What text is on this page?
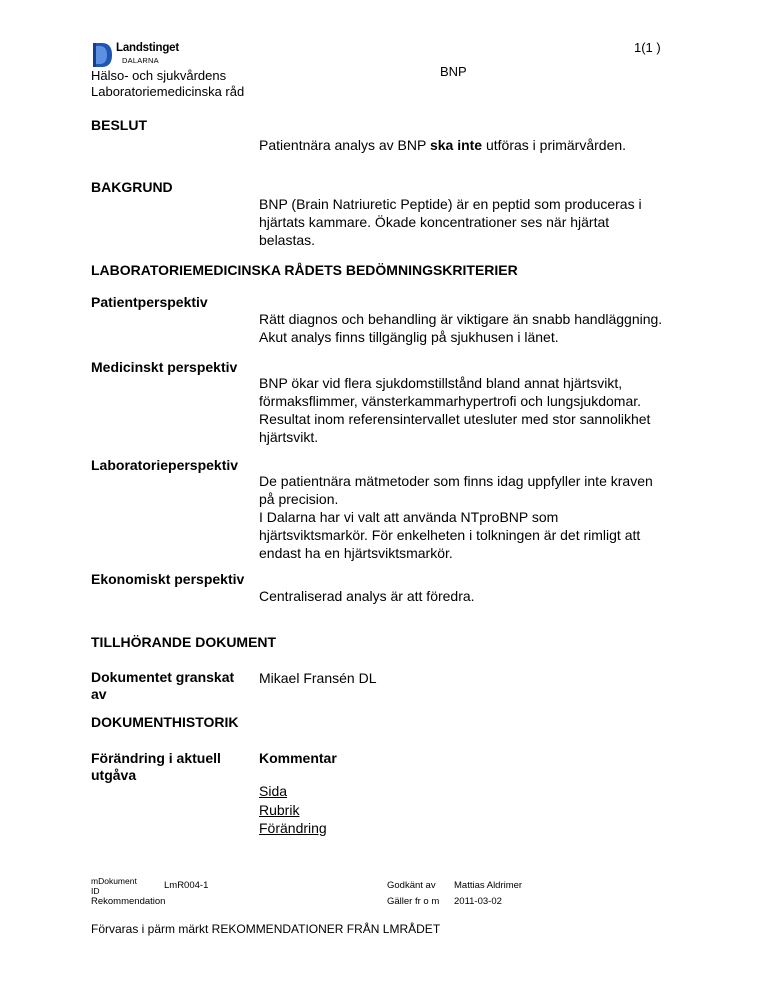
Landstinget
DALARNA
Hälso- och sjukvårdens
Laboratoriemedicinska råd
BNP
1(1 )
BESLUT
Patientnära analys av BNP ska inte utföras i primärvården.
BAKGRUND
BNP (Brain Natriuretic Peptide) är en peptid som produceras i
hjärtats kammare. Ökade koncentrationer ses när hjärtat
belastas.
LABORATORIEMEDICINSKA RÅDETS BEDÖMNINGSKRITERIER
Patientperspektiv
Rätt diagnos och behandling är viktigare än snabb handläggning.
Akut analys finns tillgänglig på sjukhusen i länet.
Medicinskt perspektiv
BNP ökar vid flera sjukdomstillstånd bland annat hjärtsvikt,
förmaksflimmer, vänsterkammarhypertrofi och lungsjukdomar.
Resultat inom referensintervallet utesluter med stor sannolikhet
hjärtsvikt.
Laboratorieperspektiv
De patientnära mätmetoder som finns idag uppfyller inte kraven
på precision.
I Dalarna har vi valt att använda NTproBNP som
hjärtsviktsmarkör. För enkelheten i tolkningen är det rimligt att
endast ha en hjärtsviktsmarkör.
Ekonomiskt perspektiv
Centraliserad analys är att föredra.
TILLHÖRANDE DOKUMENT
Dokumentet granskat
av
Mikael Fransén DL
DOKUMENTHISTORIK
Förändring i aktuell
utgåva
Kommentar
Sida
Rubrik
Förändring
mDokument
ID	LmR004-1
Rekommendation
Godkänt av Mattias Aldrimer
Gäller fr o m 2011-03-02
Förvaras i pärm märkt REKOMMENDATIONER FRÅN LMRÅDET
